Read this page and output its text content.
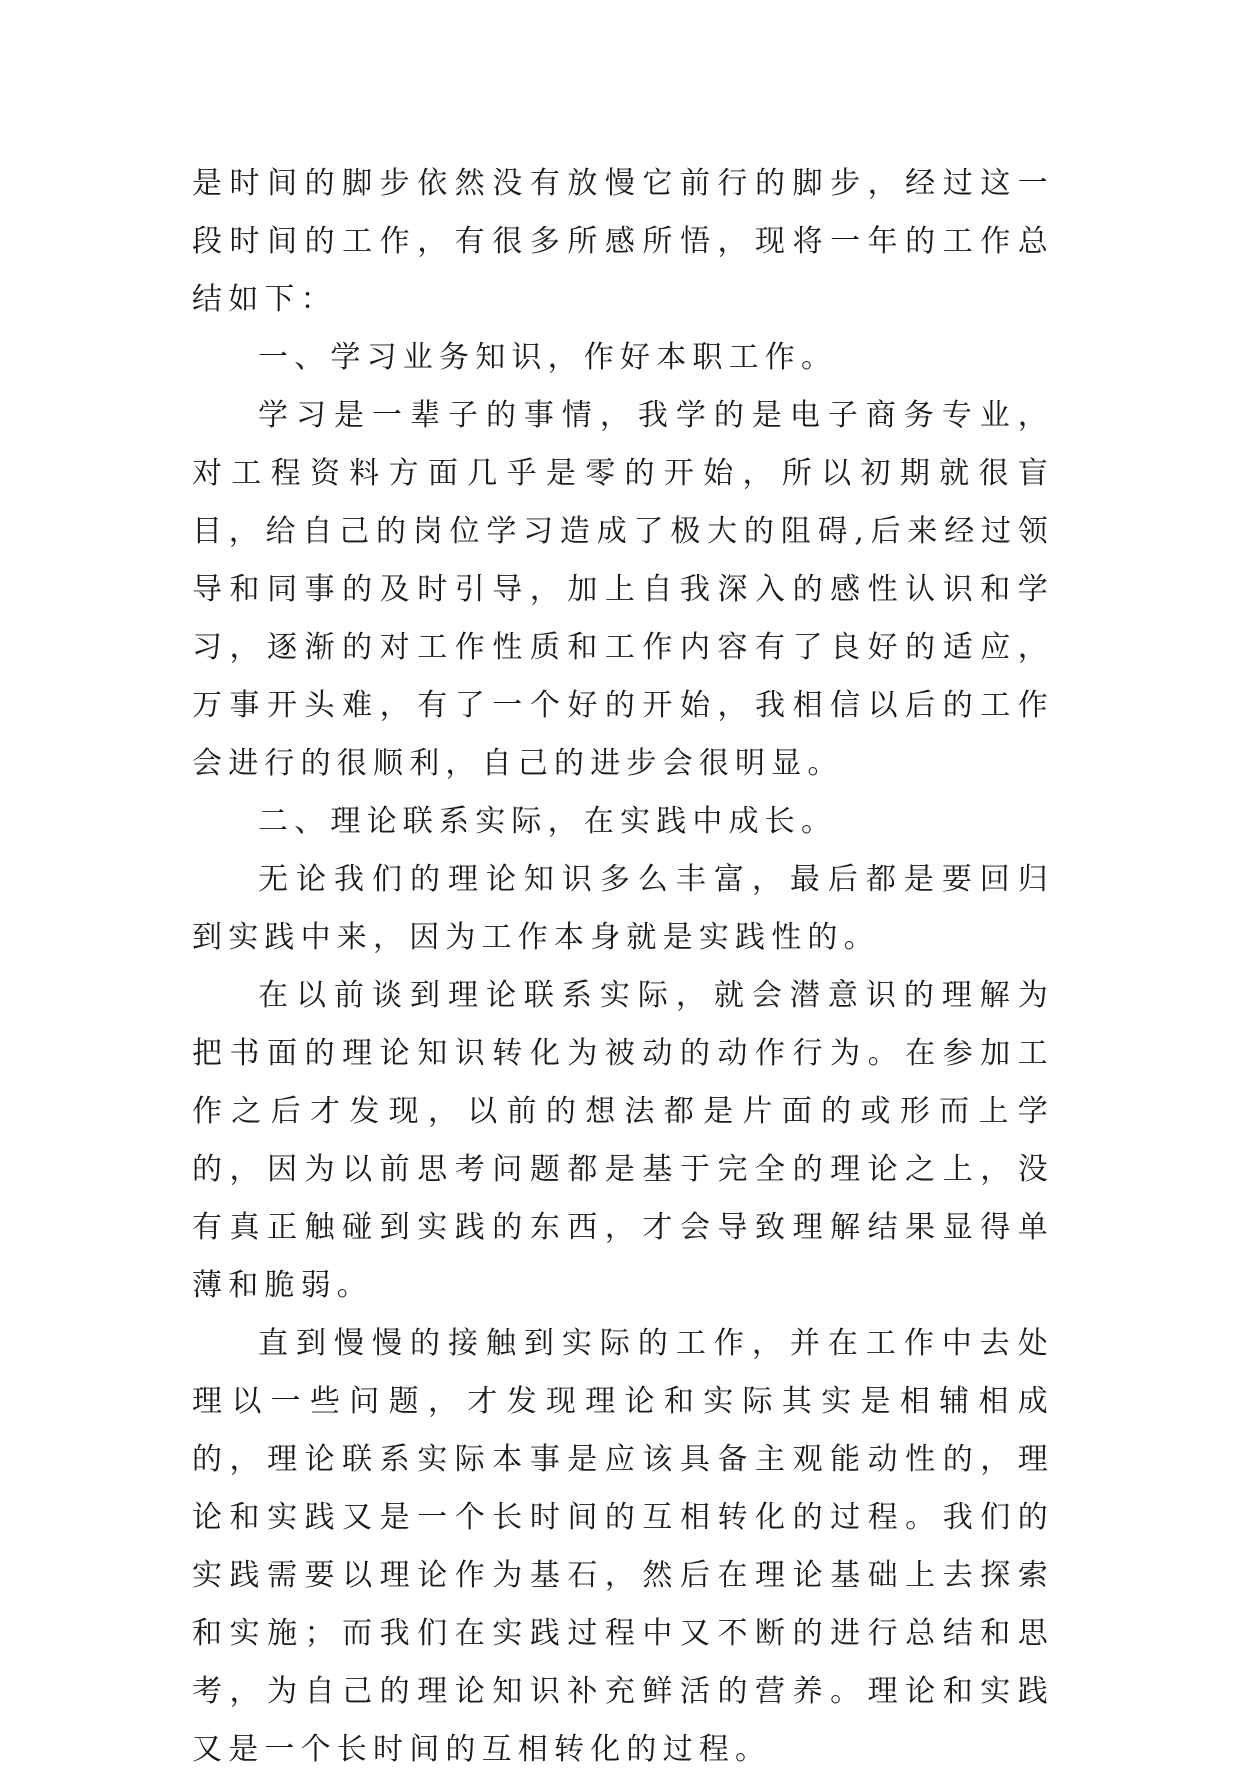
是时间的脚步依然没有放慢它前行的脚步，经过这一段时间的工作，有很多所感所悟，现将一年的工作总结如下：

一、学习业务知识，作好本职工作。

学习是一辈子的事情，我学的是电子商务专业，对工程资料方面几乎是零的开始，所以初期就很盲目，给自己的岗位学习造成了极大的阻碍,后来经过领导和同事的及时引导，加上自我深入的感性认识和学习，逐渐的对工作性质和工作内容有了良好的适应，万事开头难，有了一个好的开始，我相信以后的工作会进行的很顺利，自己的进步会很明显。

二、理论联系实际，在实践中成长。

无论我们的理论知识多么丰富，最后都是要回归到实践中来，因为工作本身就是实践性的。

在以前谈到理论联系实际，就会潜意识的理解为把书面的理论知识转化为被动的动作行为。在参加工作之后才发现，以前的想法都是片面的或形而上学的，因为以前思考问题都是基于完全的理论之上，没有真正触碰到实践的东西，才会导致理解结果显得单薄和脆弱。

直到慢慢的接触到实际的工作，并在工作中去处理以一些问题，才发现理论和实际其实是相辅相成的，理论联系实际本事是应该具备主观能动性的，理论和实践又是一个长时间的互相转化的过程。我们的实践需要以理论作为基石，然后在理论基础上去探索和实施；而我们在实践过程中又不断的进行总结和思考，为自己的理论知识补充鲜活的营养。理论和实践又是一个长时间的互相转化的过程。
